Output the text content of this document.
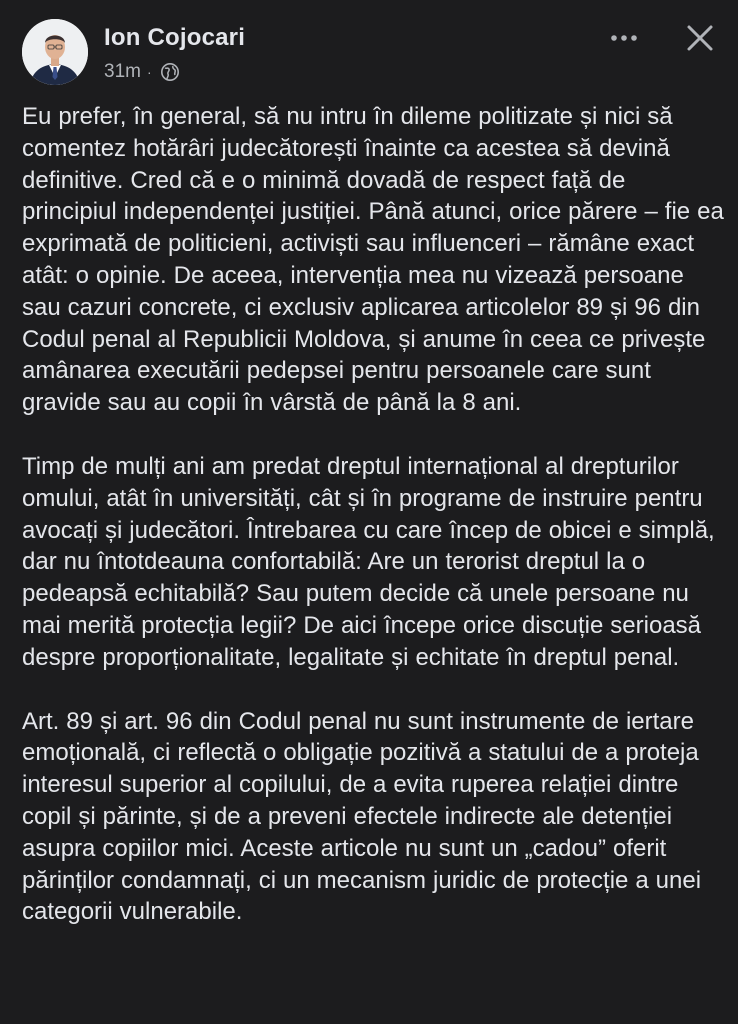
Ion Cojocari
31m ·

Eu prefer, în general, să nu intru în dileme politizate și nici să comentez hotărâri judecătorești înainte ca acestea să devină definitive. Cred că e o minimă dovadă de respect față de principiul independenței justiției. Până atunci, orice părere – fie ea exprimată de politicieni, activiști sau influenceri – rămâne exact atât: o opinie. De aceea, intervenția mea nu vizează persoane sau cazuri concrete, ci exclusiv aplicarea articolelor 89 și 96 din Codul penal al Republicii Moldova, și anume în ceea ce privește amânarea executării pedepsei pentru persoanele care sunt gravide sau au copii în vârstă de până la 8 ani.

Timp de mulți ani am predat dreptul internațional al drepturilor omului, atât în universități, cât și în programe de instruire pentru avocați și judecători. Întrebarea cu care încep de obicei e simplă, dar nu întotdeauna confortabilă: Are un terorist dreptul la o pedeapsă echitabilă? Sau putem decide că unele persoane nu mai merită protecția legii? De aici începe orice discuție serioasă despre proporționalitate, legalitate și echitate în dreptul penal.

Art. 89 și art. 96 din Codul penal nu sunt instrumente de iertare emoțională, ci reflectă o obligație pozitivă a statului de a proteja interesul superior al copilului, de a evita ruperea relației dintre copil și părinte, și de a preveni efectele indirecte ale detenției asupra copiilor mici. Aceste articole nu sunt un „cadou” oferit părinților condamnați, ci un mecanism juridic de protecție a unei categorii vulnerabile.
